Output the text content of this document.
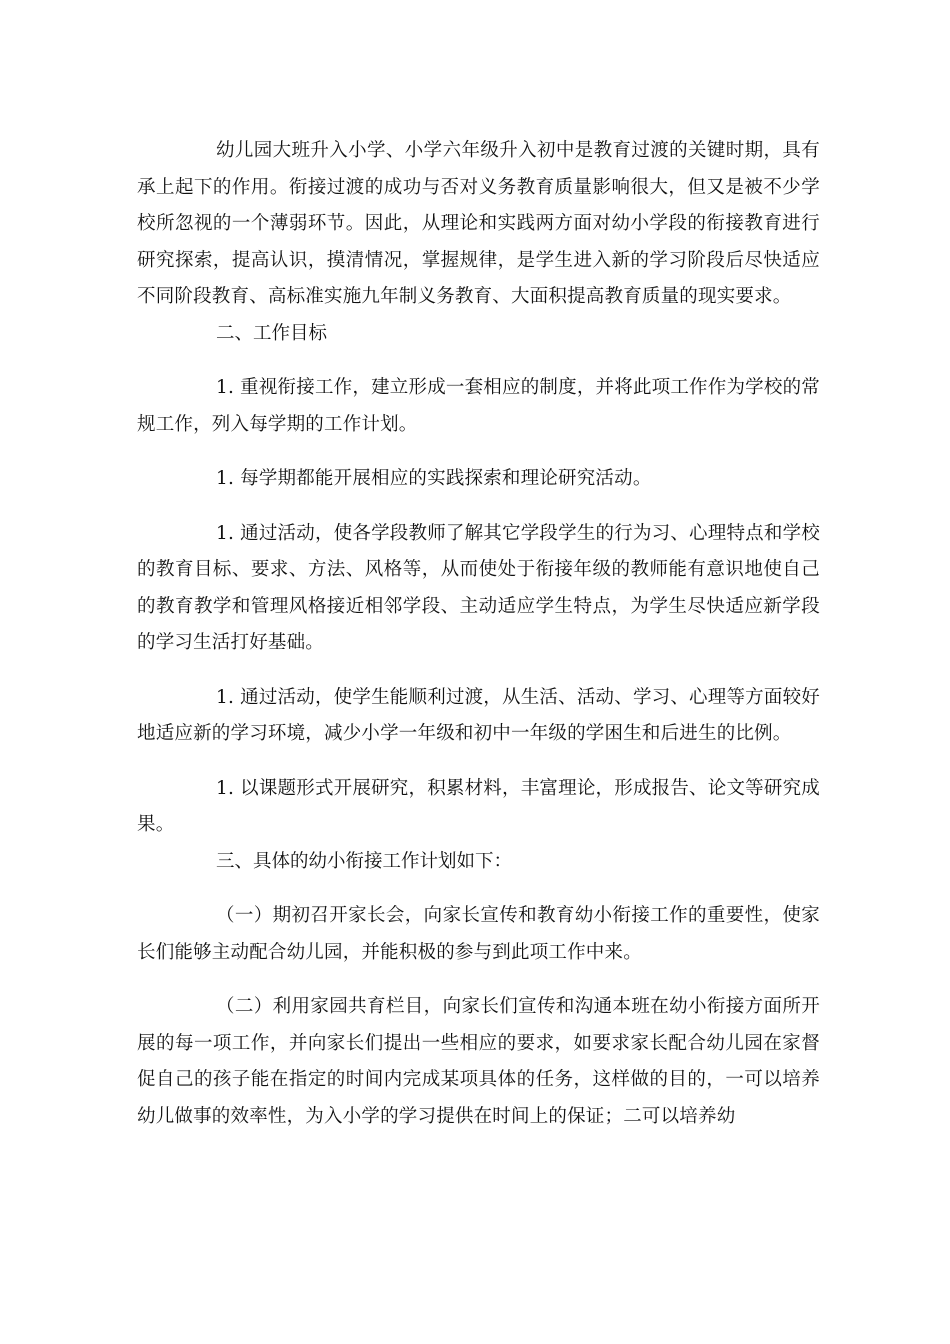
幼儿园大班升入小学、小学六年级升入初中是教育过渡的关键时期，具有承上起下的作用。衔接过渡的成功与否对义务教育质量影响很大，但又是被不少学校所忽视的一个薄弱环节。因此，从理论和实践两方面对幼小学段的衔接教育进行研究探索，提高认识，摸清情况，掌握规律，是学生进入新的学习阶段后尽快适应不同阶段教育、高标准实施九年制义务教育、大面积提高教育质量的现实要求。

二、工作目标

1. 重视衔接工作，建立形成一套相应的制度，并将此项工作作为学校的常规工作，列入每学期的工作计划。

1. 每学期都能开展相应的实践探索和理论研究活动。

1. 通过活动，使各学段教师了解其它学段学生的行为习、心理特点和学校的教育目标、要求、方法、风格等，从而使处于衔接年级的教师能有意识地使自己的教育教学和管理风格接近相邻学段、主动适应学生特点，为学生尽快适应新学段的学习生活打好基础。

1. 通过活动，使学生能顺利过渡，从生活、活动、学习、心理等方面较好地适应新的学习环境，减少小学一年级和初中一年级的学困生和后进生的比例。

1. 以课题形式开展研究，积累材料，丰富理论，形成报告、论文等研究成果。

三、具体的幼小衔接工作计划如下：

（一）期初召开家长会，向家长宣传和教育幼小衔接工作的重要性，使家长们能够主动配合幼儿园，并能积极的参与到此项工作中来。

（二）利用家园共育栏目，向家长们宣传和沟通本班在幼小衔接方面所开展的每一项工作，并向家长们提出一些相应的要求，如要求家长配合幼儿园在家督促自己的孩子能在指定的时间内完成某项具体的任务，这样做的目的，一可以培养幼儿做事的效率性，为入小学的学习提供在时间上的保证；二可以培养幼
